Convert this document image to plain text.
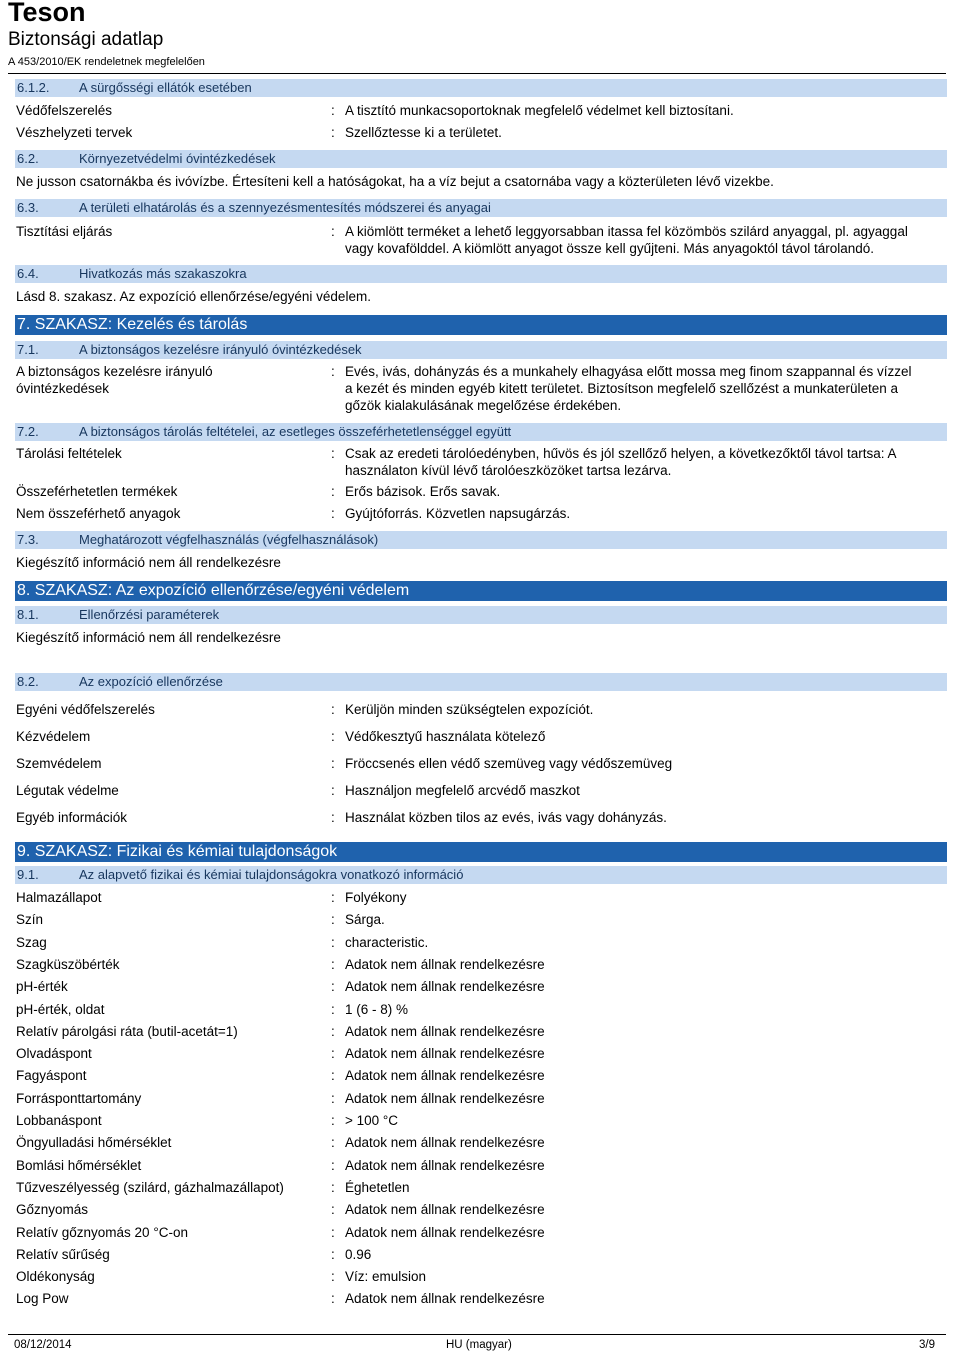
Teson
Biztonsági adatlap
A 453/2010/EK rendeletnek megfelelően
6.1.2. A sürgősségi ellátók esetében
Védőfelszerelés	: A tisztító munkacsoportoknak megfelelő védelmet kell biztosítani.
Vészhelyzeti tervek	: Szellőztesse ki a területet.
6.2.	Környezetvédelmi óvintézkedések
Ne jusson csatornákba és ivóvízbe. Értesíteni kell a hatóságokat, ha a víz bejut a csatornába vagy a közterületen lévő vizekbe.
6.3.	A területi elhatárolás és a szennyezésmentesítés módszerei és anyagai
Tisztítási eljárás	: A kiömlött terméket a lehető leggyorsabban itassa fel közömbös szilárd anyaggal, pl. agyaggal
vagy kovafölddel. A kiömlött anyagot össze kell gyűjteni. Más anyagoktól távol tárolandó.
6.4.	Hivatkozás más szakaszokra
Lásd 8. szakasz. Az expozíció ellenőrzése/egyéni védelem.
7. SZAKASZ: Kezelés és tárolás
7.1.	A biztonságos kezelésre irányuló óvintézkedések
A biztonságos kezelésre irányuló
óvintézkedések
: Evés, ivás, dohányzás és a munkahely elhagyása előtt mossa meg finom szappannal és vízzel
a kezét és minden egyéb kitett területet. Biztosítson megfelelő szellőzést a munkaterületen a
gőzök kialakulásának megelőzése érdekében.
7.2.	A biztonságos tárolás feltételei, az esetleges összeférhetetlenséggel együtt
Tárolási feltételek	: Csak az eredeti tárolóedényben, hűvös és jól szellőző helyen, a következőktől távol tartsa: A
használaton kívül lévő tárolóeszközöket tartsa lezárva.
Összeférhetetlen termékek	: Erős bázisok. Erős savak.
Nem összeférhető anyagok	: Gyújtóforrás. Közvetlen napsugárzás.
7.3.	Meghatározott végfelhasználás (végfelhasználások)
Kiegészítő információ nem áll rendelkezésre
8. SZAKASZ: Az expozíció ellenőrzése/egyéni védelem
8.1.	Ellenőrzési paraméterek
Kiegészítő információ nem áll rendelkezésre
8.2.	Az expozíció ellenőrzése
Egyéni védőfelszerelés	: Kerüljön minden szükségtelen expozíciót.
Kézvédelem	: Védőkesztyű használata kötelező
Szemvédelem	: Fröccsenés ellen védő szemüveg vagy védőszemüveg
Légutak védelme	: Használjon megfelelő arcvédő maszkot
Egyéb információk	: Használat közben tilos az evés, ivás vagy dohányzás.
9. SZAKASZ: Fizikai és kémiai tulajdonságok
9.1.	Az alapvető fizikai és kémiai tulajdonságokra vonatkozó információ
Halmazállapot	: Folyékony
Szín	: Sárga.
Szag	: characteristic.
Szagküszöbérték	: Adatok nem állnak rendelkezésre
pH-érték	: Adatok nem állnak rendelkezésre
pH-érték, oldat	: 1 (6 - 8) %
Relatív párolgási ráta (butil-acetát=1)	: Adatok nem állnak rendelkezésre
Olvadáspont	: Adatok nem állnak rendelkezésre
Fagyáspont	: Adatok nem állnak rendelkezésre
Forrásponttartomány	: Adatok nem állnak rendelkezésre
Lobbanáspont	: > 100 °C
Öngyulladási hőmérséklet	: Adatok nem állnak rendelkezésre
Bomlási hőmérséklet	: Adatok nem állnak rendelkezésre
Tűzveszélyesség (szilárd, gázhalmazállapot)	: Éghetetlen
Gőznyomás	: Adatok nem állnak rendelkezésre
Relatív gőznyomás 20 °C-on	: Adatok nem állnak rendelkezésre
Relatív sűrűség	: 0.96
Oldékonyság	: Víz: emulsion
Log Pow	: Adatok nem állnak rendelkezésre
08/12/2014	HU (magyar)	3/9
